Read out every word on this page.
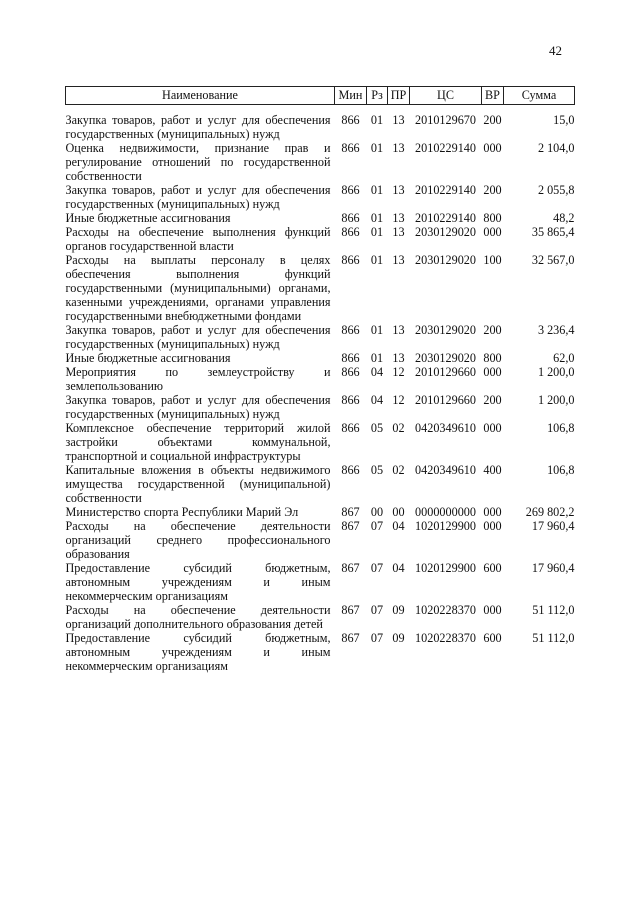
42
Наименование	Мин	Рз	ПР	ЦС	ВР	Сумма
Закупка товаров, работ и услуг для обеспечения государственных (муниципальных) нужд	866	01	13	2010129670	200	15,0
Оценка недвижимости, признание прав и регулирование отношений по государственной собственности	866	01	13	2010229140	000	2 104,0
Закупка товаров, работ и услуг для обеспечения государственных (муниципальных) нужд	866	01	13	2010229140	200	2 055,8
Иные бюджетные ассигнования	866	01	13	2010229140	800	48,2
Расходы на обеспечение выполнения функций органов государственной власти	866	01	13	2030129020	000	35 865,4
Расходы на выплаты персоналу в целях обеспечения выполнения функций государственными (муниципальными) органами, казенными учреждениями, органами управления государственными внебюджетными фондами	866	01	13	2030129020	100	32 567,0
Закупка товаров, работ и услуг для обеспечения государственных (муниципальных) нужд	866	01	13	2030129020	200	3 236,4
Иные бюджетные ассигнования	866	01	13	2030129020	800	62,0
Мероприятия по землеустройству и землепользованию	866	04	12	2010129660	000	1 200,0
Закупка товаров, работ и услуг для обеспечения государственных (муниципальных) нужд	866	04	12	2010129660	200	1 200,0
Комплексное обеспечение территорий жилой застройки объектами коммунальной, транспортной и социальной инфраструктуры	866	05	02	0420349610	000	106,8
Капитальные вложения в объекты недвижимого имущества государственной (муниципальной) собственности	866	05	02	0420349610	400	106,8
Министерство спорта Республики Марий Эл	867	00	00	0000000000	000	269 802,2
Расходы на обеспечение деятельности организаций среднего профессионального образования	867	07	04	1020129900	000	17 960,4
Предоставление субсидий бюджетным, автономным учреждениям и иным некоммерческим организациям	867	07	04	1020129900	600	17 960,4
Расходы на обеспечение деятельности организаций дополнительного образования детей	867	07	09	1020228370	000	51 112,0
Предоставление субсидий бюджетным, автономным учреждениям и иным некоммерческим организациям	867	07	09	1020228370	600	51 112,0
